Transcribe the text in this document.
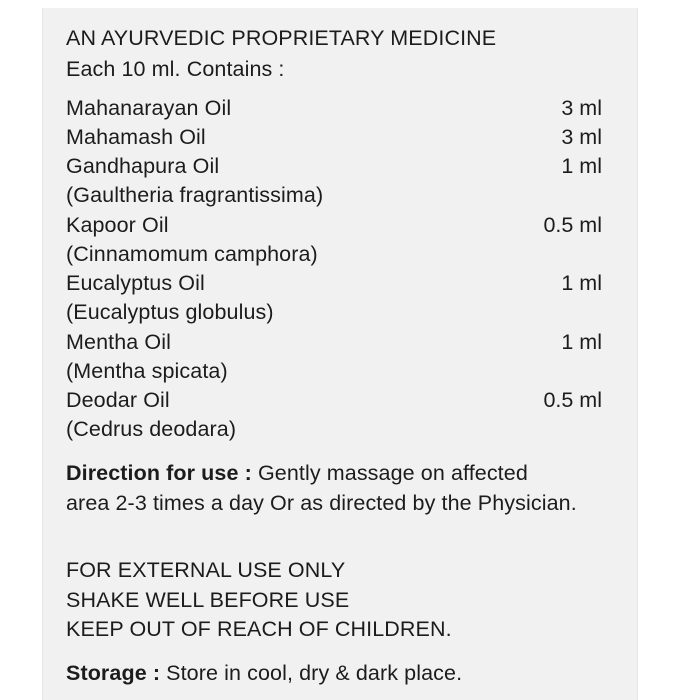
AN AYURVEDIC PROPRIETARY MEDICINE
Each 10 ml. Contains :
Mahanarayan Oil	3 ml
Mahamash Oil	3 ml
Gandhapura Oil	1 ml
(Gaultheria fragrantissima)
Kapoor Oil	0.5 ml
(Cinnamomum camphora)
Eucalyptus Oil	1 ml
(Eucalyptus globulus)
Mentha Oil	1 ml
(Mentha spicata)
Deodar Oil	0.5 ml
(Cedrus deodara)
Direction for use : Gently massage on affected
area 2-3 times a day Or as directed by the Physician.
FOR EXTERNAL USE ONLY
SHAKE WELL BEFORE USE
KEEP OUT OF REACH OF CHILDREN.
Storage : Store in cool, dry & dark place.
